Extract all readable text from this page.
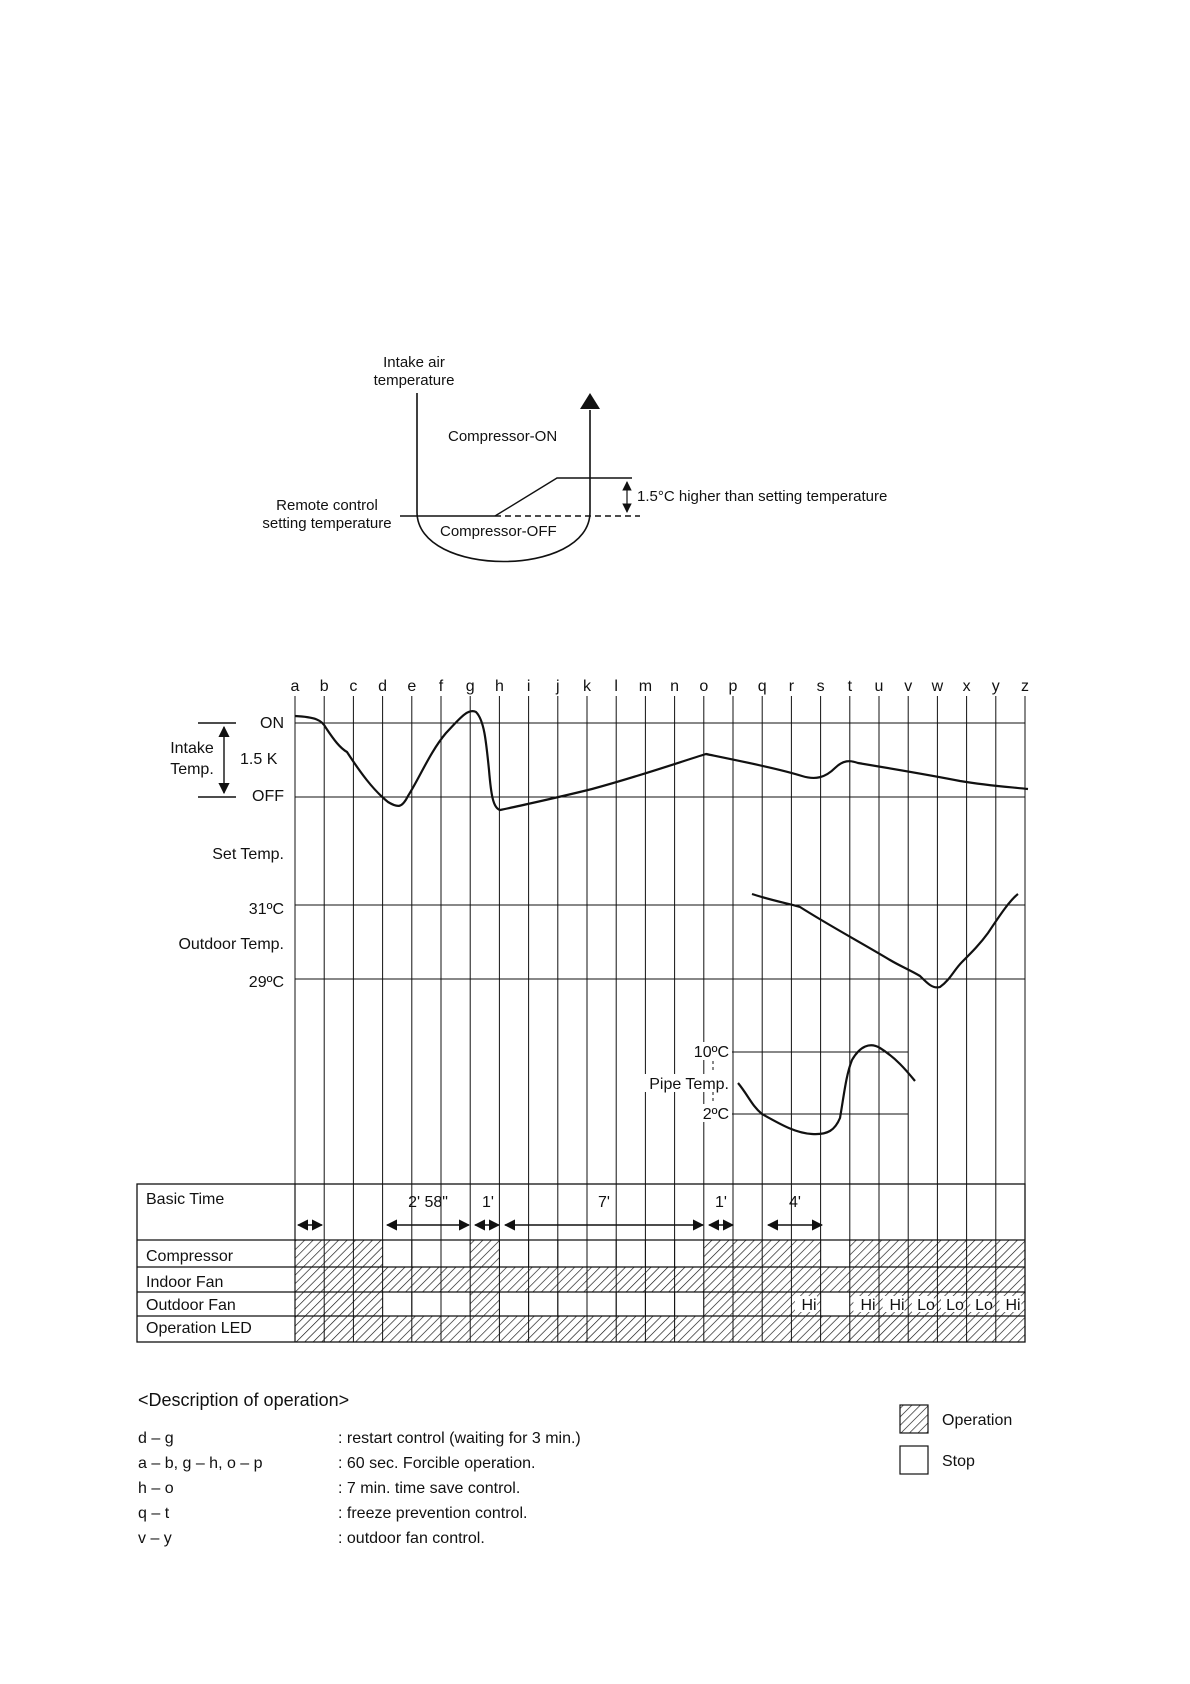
Intake air
temperature
Compressor-ON
Compressor-OFF
Remote control
setting temperature
1.5°C higher than setting temperature
a b c d e f g h i j k l m n o p q r s t u v w x y z
Intake
Temp.
ON
1.5 K
OFF
Set Temp.
31ºC
Outdoor Temp.
29ºC
10ºC
Pipe Temp.
2ºC
Basic Time
Compressor
Indoor Fan
Outdoor Fan
Operation LED
2' 58" 1'	7'	1'	4'
<Description of operation>
d – g	: restart control (waiting for 3 min.)
a – b, g – h, o – p	: 60 sec. Forcible operation.
h – o	: 7 min. time save control.
q – t	: freeze prevention control.
v – y	: outdoor fan control.
Operation
Stop
Hi	Hi Hi Lo Lo Lo Hi
